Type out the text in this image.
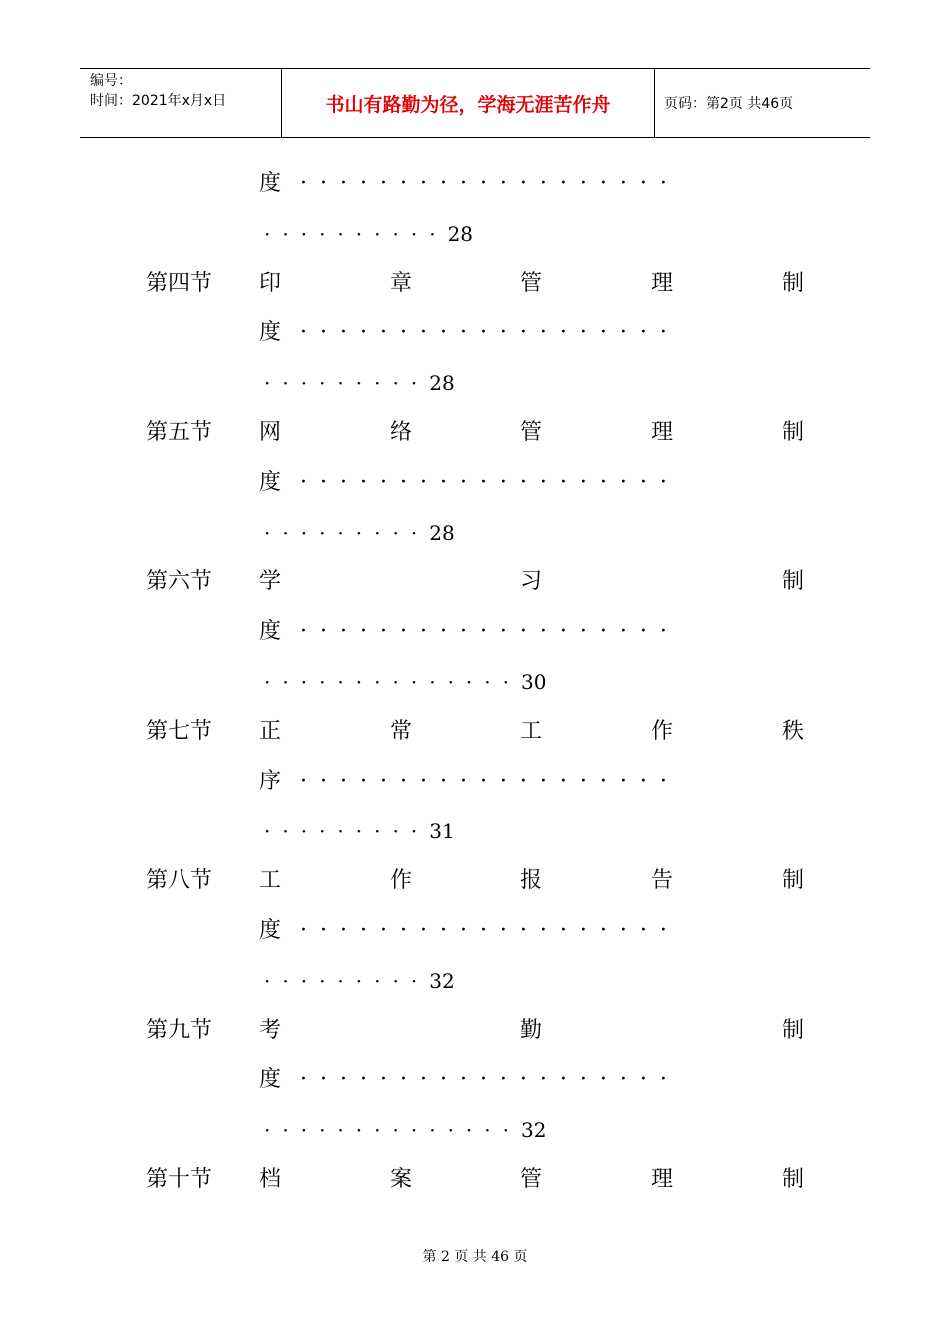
编号：
时间：2021年x月x日	书山有路勤为径，学海无涯苦作舟	页码：第2页 共46页
度 ···················
··········28
第四节 印	章	管	理	制
度 ···················
·········28
第五节 网	络	管	理	制
度 ···················
·········28
第六节 学	习	制
度 ···················
··············30
第七节 正	常	工	作	秩
序 ···················
·········31
第八节 工	作	报	告	制
度 ···················
·········32
第九节 考	勤	制
度 ···················
··············32
第十节 档	案	管	理	制
第 2 页 共 46 页
